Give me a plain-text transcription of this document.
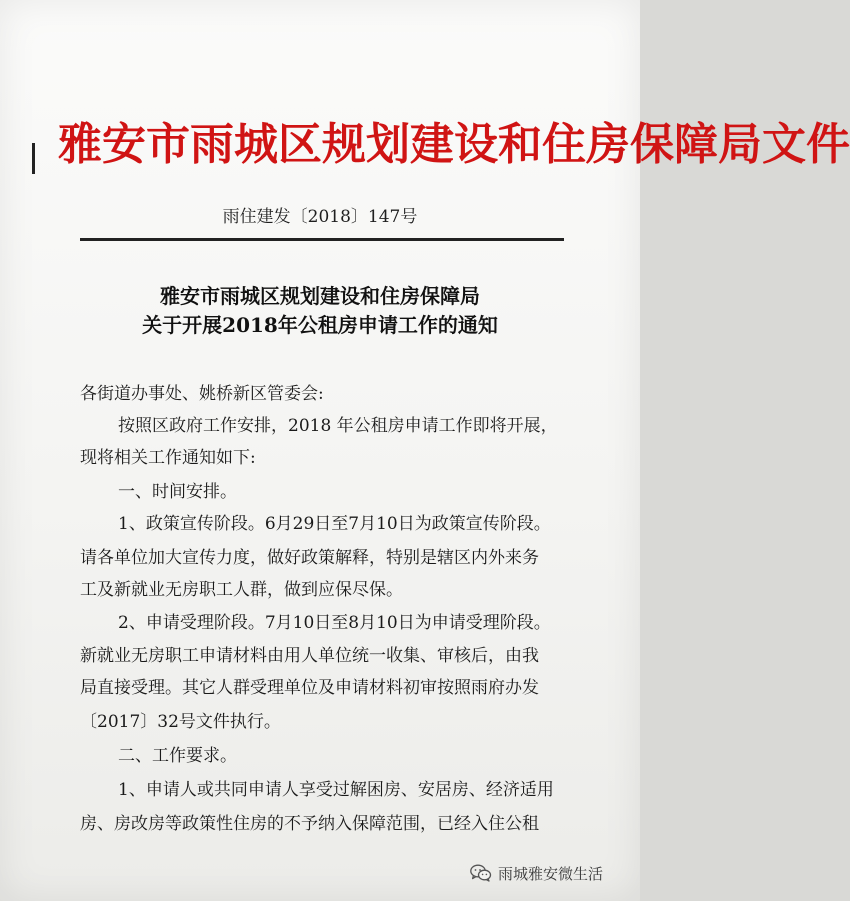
雅安市雨城区规划建设和住房保障局文件
雨住建发〔2018〕147号
雅安市雨城区规划建设和住房保障局
关于开展2018年公租房申请工作的通知
各街道办事处、姚桥新区管委会:
按照区政府工作安排，2018 年公租房申请工作即将开展，
现将相关工作通知如下:
一、时间安排。
1、政策宣传阶段。6月29日至7月10日为政策宣传阶段。
请各单位加大宣传力度，做好政策解释，特别是辖区内外来务
工及新就业无房职工人群，做到应保尽保。
2、申请受理阶段。7月10日至8月10日为申请受理阶段。
新就业无房职工申请材料由用人单位统一收集、审核后，由我
局直接受理。其它人群受理单位及申请材料初审按照雨府办发
〔2017〕32号文件执行。
二、工作要求。
1、申请人或共同申请人享受过解困房、安居房、经济适用
房、房改房等政策性住房的不予纳入保障范围，已经入住公租
雨城雅安微生活
